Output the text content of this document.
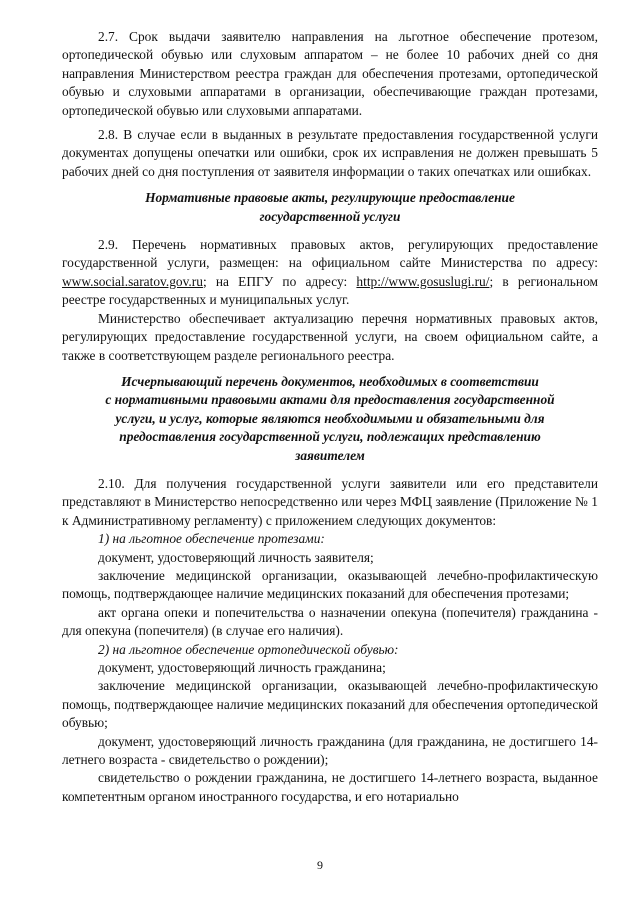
2.7. Срок выдачи заявителю направления на льготное обеспечение протезом, ортопедической обувью или слуховым аппаратом – не более 10 рабочих дней со дня направления Министерством реестра граждан для обеспечения протезами, ортопедической обувью и слуховыми аппаратами в организации, обеспечивающие граждан протезами, ортопедической обувью или слуховыми аппаратами.

2.8. В случае если в выданных в результате предоставления государственной услуги документах допущены опечатки или ошибки, срок их исправления не должен превышать 5 рабочих дней со дня поступления от заявителя информации о таких опечатках или ошибках.

Нормативные правовые акты, регулирующие предоставление
государственной услуги

2.9. Перечень нормативных правовых актов, регулирующих предоставление государственной услуги, размещен: на официальном сайте Министерства по адресу: www.social.saratov.gov.ru; на ЕПГУ по адресу: http://www.gosuslugi.ru/; в региональном реестре государственных и муниципальных услуг.

Министерство обеспечивает актуализацию перечня нормативных правовых актов, регулирующих предоставление государственной услуги, на своем официальном сайте, а также в соответствующем разделе регионального реестра.

Исчерпывающий перечень документов, необходимых в соответствии
с нормативными правовыми актами для предоставления государственной
услуги, и услуг, которые являются необходимыми и обязательными для
предоставления государственной услуги, подлежащих представлению
заявителем

2.10. Для получения государственной услуги заявители или его представители представляют в Министерство непосредственно или через МФЦ заявление (Приложение № 1 к Административному регламенту) с приложением следующих документов:

1) на льготное обеспечение протезами:

документ, удостоверяющий личность заявителя;

заключение медицинской организации, оказывающей лечебно-профилактическую помощь, подтверждающее наличие медицинских показаний для обеспечения протезами;

акт органа опеки и попечительства о назначении опекуна (попечителя) гражданина - для опекуна (попечителя) (в случае его наличия).

2) на льготное обеспечение ортопедической обувью:

документ, удостоверяющий личность гражданина;

заключение медицинской организации, оказывающей лечебно-профилактическую помощь, подтверждающее наличие медицинских показаний для обеспечения ортопедической обувью;

документ, удостоверяющий личность гражданина (для гражданина, не достигшего 14-летнего возраста - свидетельство о рождении);

свидетельство о рождении гражданина, не достигшего 14-летнего возраста, выданное компетентным органом иностранного государства, и его нотариально

9
